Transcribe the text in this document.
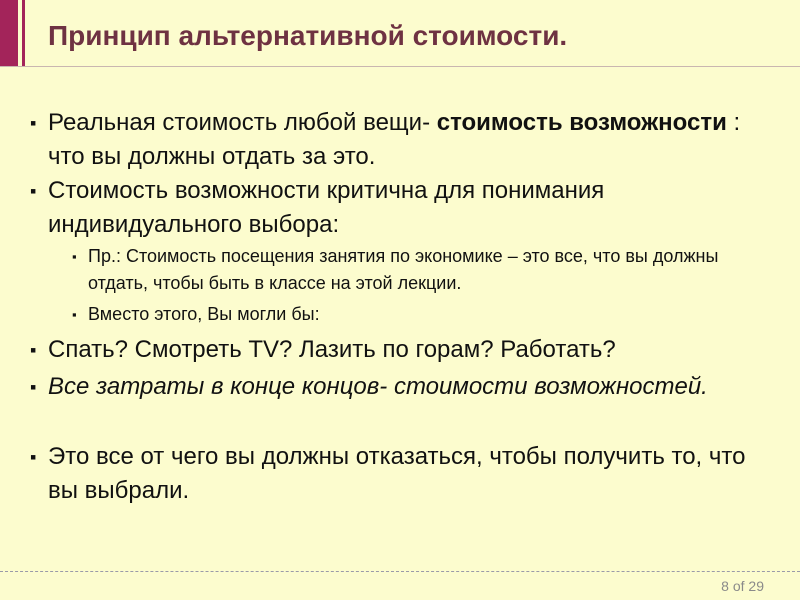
Принцип альтернативной стоимости.
▪ Реальная стоимость любой вещи- стоимость возможности : что вы должны отдать за это.
▪ Стоимость возможности критична для понимания индивидуального выбора:
▪ Пр.: Стоимость посещения занятия по экономике – это все, что вы должны отдать, чтобы быть в классе на этой лекции.
▪ Вместо этого, Вы могли бы:
▪ Спать? Смотреть TV? Лазить по горам? Работать?
▪ Все затраты в конце концов- стоимости возможностей.
▪ Это все от чего вы должны отказаться, чтобы получить то, что вы выбрали.
8 of 29
